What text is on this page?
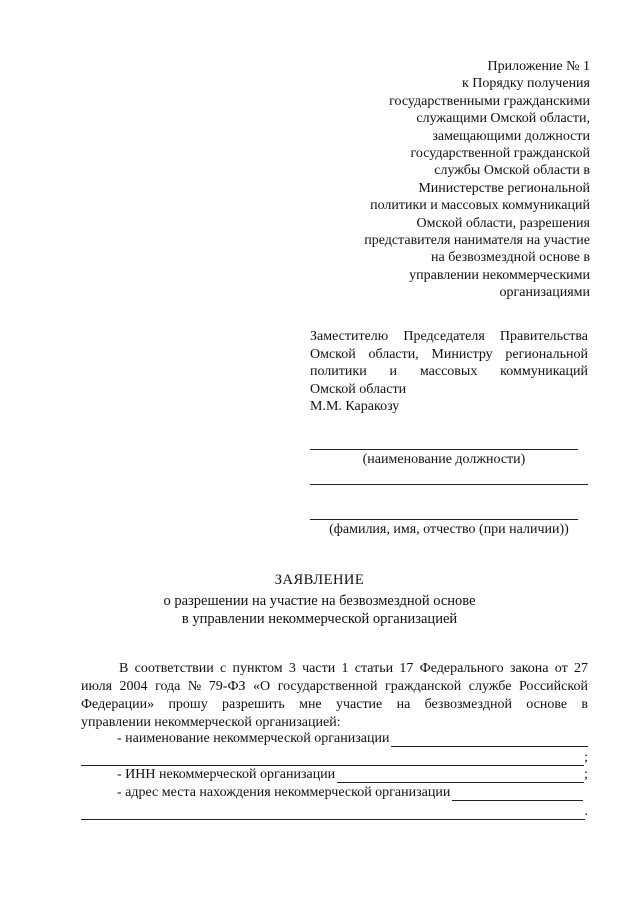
Приложение № 1
к Порядку получения
государственными гражданскими
служащими Омской области,
замещающими должности
государственной гражданской
службы Омской области в
Министерстве региональной
политики и массовых коммуникаций
Омской области, разрешения
представителя нанимателя на участие
на безвозмездной основе в
управлении некоммерческими
организациями
Заместителю Председателя Правительства
Омской области, Министру региональной
политики и массовых коммуникаций
Омской области
М.М. Каракозу
(наименование должности)
(фамилия, имя, отчество (при наличии))
ЗАЯВЛЕНИЕ
о разрешении на участие на безвозмездной основе
в управлении некоммерческой организацией
В соответствии с пунктом 3 части 1 статьи 17 Федерального закона от 27
июля 2004 года № 79-ФЗ «О государственной гражданской службе Российской
Федерации» прошу разрешить мне участие на безвозмездной основе в
управлении некоммерческой организацией:
- наименование некоммерческой организации
;
- ИНН некоммерческой организации	;
- адрес места нахождения некоммерческой организации
.
